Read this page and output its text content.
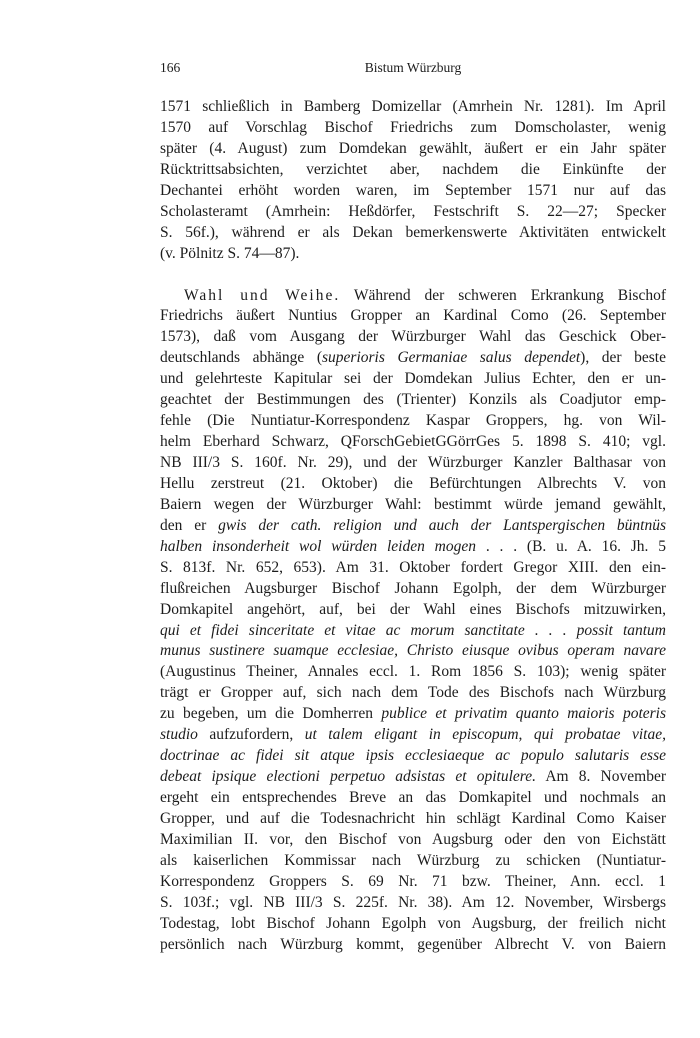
166	Bistum Würzburg
1571 schließlich in Bamberg Domizellar (Amrhein Nr. 1281). Im April
1570 auf Vorschlag Bischof Friedrichs zum Domscholaster, wenig
später (4. August) zum Domdekan gewählt, äußert er ein Jahr später
Rücktrittsabsichten, verzichtet aber, nachdem die Einkünfte der
Dechantei erhöht worden waren, im September 1571 nur auf das
Scholasteramt (Amrhein: Heßdörfer, Festschrift S. 22—27; Specker
S. 56f.), während er als Dekan bemerkenswerte Aktivitäten entwickelt
(v. Pölnitz S. 74—87).
Wahl und Weihe. Während der schweren Erkrankung Bischof
Friedrichs äußert Nuntius Gropper an Kardinal Como (26. September
1573), daß vom Ausgang der Würzburger Wahl das Geschick Ober-
deutschlands abhänge (superioris Germaniae salus dependet), der beste
und gelehrteste Kapitular sei der Domdekan Julius Echter, den er un-
geachtet der Bestimmungen des (Trienter) Konzils als Coadjutor emp-
fehle (Die Nuntiatur-Korrespondenz Kaspar Groppers, hg. von Wil-
helm Eberhard Schwarz, QForschGebietGGörrGes 5. 1898 S. 410; vgl.
NB III/3 S. 160f. Nr. 29), und der Würzburger Kanzler Balthasar von
Hellu zerstreut (21. Oktober) die Befürchtungen Albrechts V. von
Baiern wegen der Würzburger Wahl: bestimmt würde jemand gewählt,
den er gwis der cath. religion und auch der Lantspergischen büntnüs
halben insonderheit wol würden leiden mogen . . . (B. u. A. 16. Jh. 5
S. 813f. Nr. 652, 653). Am 31. Oktober fordert Gregor XIII. den ein-
flußreichen Augsburger Bischof Johann Egolph, der dem Würzburger
Domkapitel angehört, auf, bei der Wahl eines Bischofs mitzuwirken,
qui et fidei sinceritate et vitae ac morum sanctitate . . . possit tantum
munus sustinere suamque ecclesiae, Christo eiusque ovibus operam navare
(Augustinus Theiner, Annales eccl. 1. Rom 1856 S. 103); wenig später
trägt er Gropper auf, sich nach dem Tode des Bischofs nach Würzburg
zu begeben, um die Domherren publice et privatim quanto maioris poteris
studio aufzufordern, ut talem eligant in episcopum, qui probatae vitae,
doctrinae ac fidei sit atque ipsis ecclesiaeque ac populo salutaris esse
debeat ipsique electioni perpetuo adsistas et opitulere. Am 8. November
ergeht ein entsprechendes Breve an das Domkapitel und nochmals an
Gropper, und auf die Todesnachricht hin schlägt Kardinal Como Kaiser
Maximilian II. vor, den Bischof von Augsburg oder den von Eichstätt
als kaiserlichen Kommissar nach Würzburg zu schicken (Nuntiatur-
Korrespondenz Groppers S. 69 Nr. 71 bzw. Theiner, Ann. eccl. 1
S. 103f.; vgl. NB III/3 S. 225f. Nr. 38). Am 12. November, Wirsbergs
Todestag, lobt Bischof Johann Egolph von Augsburg, der freilich nicht
persönlich nach Würzburg kommt, gegenüber Albrecht V. von Baiern
